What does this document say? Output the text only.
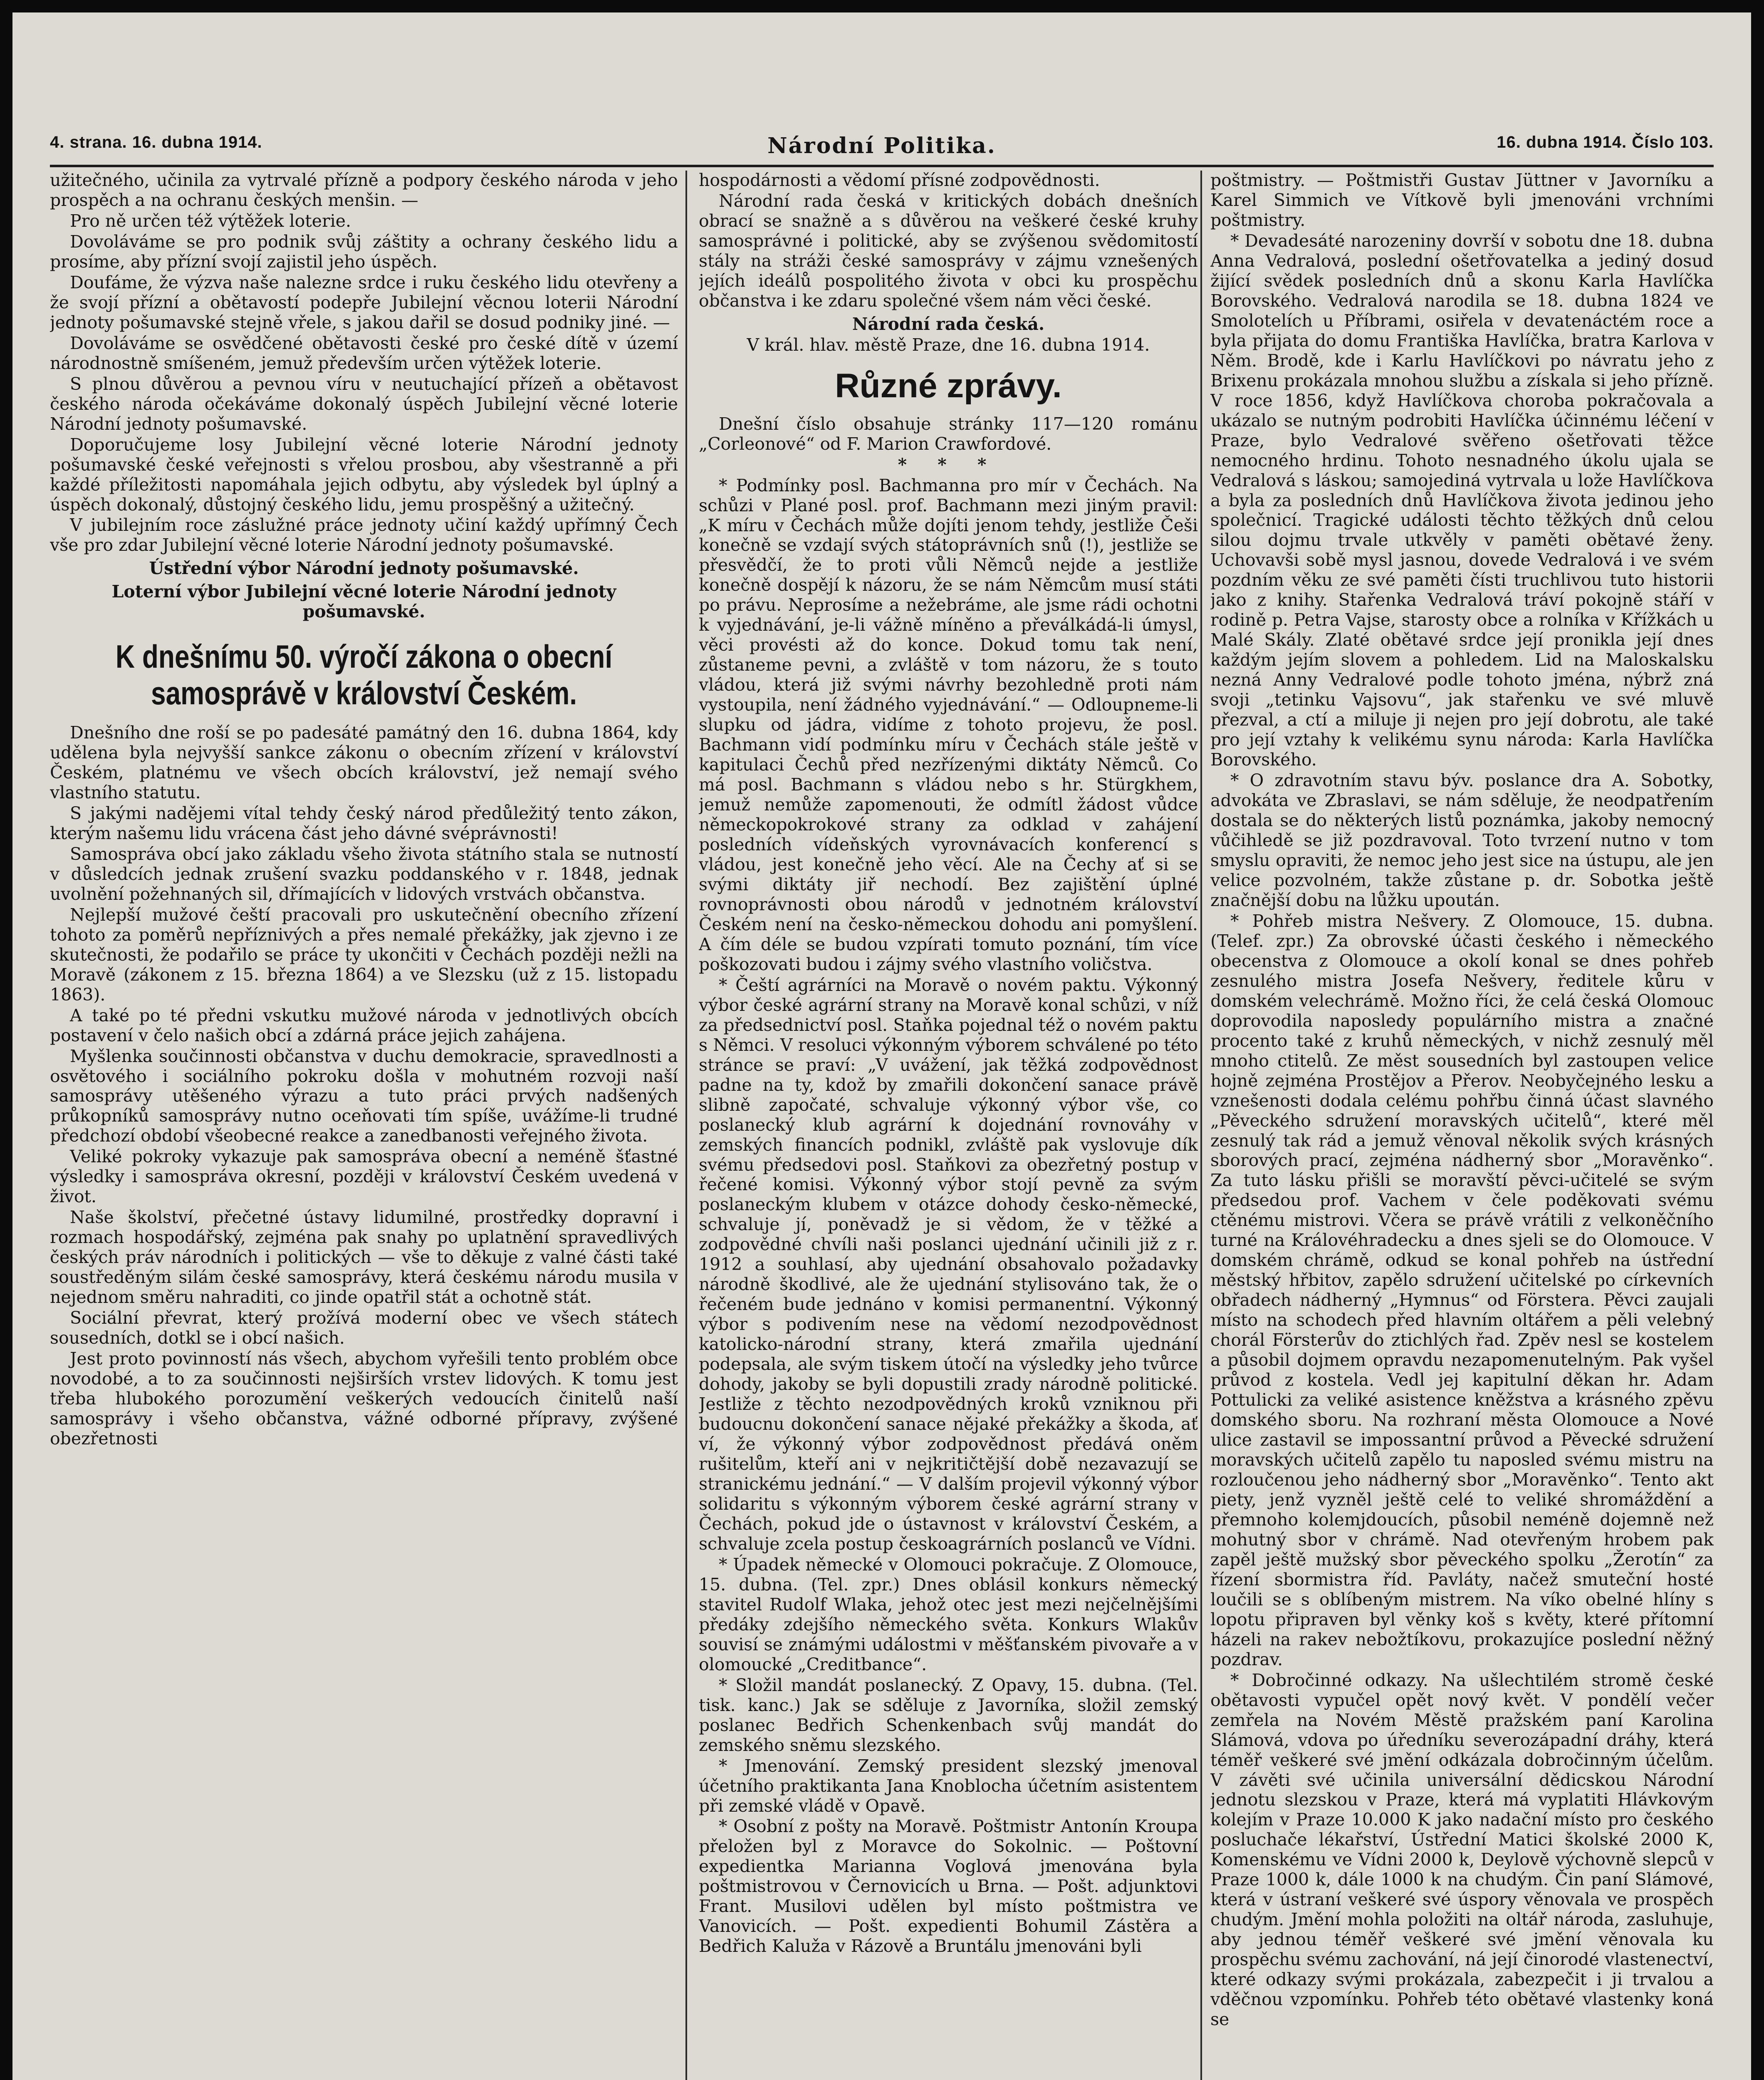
4. strana. 16. dubna 1914.	Národní Politika.	16. dubna 1914. Číslo 103.

užitečného, učinila za vytrvalé přízně a podpory českého národa v jeho prospěch a na ochranu českých menšin. —

Pro ně určen též výtěžek loterie.

Dovoláváme se pro podnik svůj záštity a ochrany českého lidu a prosíme, aby přízní svojí zajistil jeho úspěch.

Doufáme, že výzva naše nalezne srdce i ruku českého lidu otevřeny a že svojí přízní a obětavostí podepře Jubilejní věcnou loterii Národní jednoty pošumavské stejně vřele, s jakou dařil se dosud podniky jiné. —

Dovoláváme se osvědčené obětavosti české pro české dítě v území národnostně smíšeném, jemuž především určen výtěžek loterie.

S plnou důvěrou a pevnou víru v neutuchající přízeň a obětavost českého národa očekáváme dokonalý úspěch Jubilejní věcné loterie Národní jednoty pošumavské.

Doporučujeme losy Jubilejní věcné loterie Národní jednoty pošumavské české veřejnosti s vřelou prosbou, aby všestranně a při každé příležitosti napomáhala jejich odbytu, aby výsledek byl úplný a úspěch dokonalý, důstojný českého lidu, jemu prospěšný a užitečný.

V jubilejním roce záslužné práce jednoty učiní každý upřímný Čech vše pro zdar Jubilejní věcné loterie Národní jednoty pošumavské.

Ústřední výbor Národní jednoty pošumavské.

Loterní výbor Jubilejní věcné loterie Národní jednoty pošumavské.

K dnešnímu 50. výročí zákona o obecní samosprávě v království Českém.

Dnešního dne roší se po padesáté památný den 16. dubna 1864, kdy udělena byla nejvyšší sankce zákonu o obecním zřízení v království Českém, platnému ve všech obcích království, jež nemají svého vlastního statutu.

S jakými nadějemi vítal tehdy český národ předůležitý tento zákon, kterým našemu lidu vrácena část jeho dávné svéprávnosti!

Samospráva obcí jako základu všeho života státního stala se nutností v důsledcích jednak zrušení svazku poddanského v r. 1848, jednak uvolnění požehnaných sil, dřímajících v lidových vrstvách občanstva.

Nejlepší mužové čeští pracovali pro uskutečnění obecního zřízení tohoto za poměrů nepříznivých a přes nemalé překážky, jak zjevno i ze skutečnosti, že podařilo se práce ty ukončiti v Čechách později nežli na Moravě (zákonem z 15. března 1864) a ve Slezsku (už z 15. listopadu 1863).

A také po té předni vskutku mužové národa v jednotlivých obcích postavení v čelo našich obcí a zdárná práce jejich zahájena.

Myšlenka součinnosti občanstva v duchu demokracie, spravedlnosti a osvětového i sociálního pokroku došla v mohutném rozvoji naší samosprávy utěšeného výrazu a tuto práci prvých nadšených průkopníků samosprávy nutno oceňovati tím spíše, uvážíme-li trudné předchozí období všeobecné reakce a zanedbanosti veřejného života.

Veliké pokroky vykazuje pak samospráva obecní a neméně šťastné výsledky i samospráva okresní, později v království Českém uvedená v život.

Naše školství, přečetné ústavy lidumilné, prostředky dopravní i rozmach hospodářský, zejména pak snahy po uplatnění spravedlivých českých práv národních i politických — vše to děkuje z valné části také soustředěným silám české samosprávy, která českému národu musila v nejednom směru nahraditi, co jinde opatřil stát a ochotně stát.

Sociální převrat, který prožívá moderní obec ve všech státech sousedních, dotkl se i obcí našich.

Jest proto povinností nás všech, abychom vyřešili tento problém obce novodobé, a to za součinnosti nejširších vrstev lidových. K tomu jest třeba hlubokého porozumění veškerých vedoucích činitelů naší samosprávy i všeho občanstva, vážné odborné přípravy, zvýšené obezřetnosti

hospodárnosti a vědomí přísné zodpovědnosti.

Národní rada česká v kritických dobách dnešních obrací se snažně a s důvěrou na veškeré české kruhy samosprávné i politické, aby se zvýšenou svědomitostí stály na stráži české samosprávy v zájmu vznešených jejích ideálů pospolitého života v obci ku prospěchu občanstva i ke zdaru společné všem nám věci české.

Národní rada česká.

V král. hlav. městě Praze, dne 16. dubna 1914.

Různé zprávy.

Dnešní číslo obsahuje stránky 117—120 románu „Corleonové“ od F. Marion Crawfordové.

* * *

* Podmínky posl. Bachmanna pro mír v Čechách. Na schůzi v Plané posl. prof. Bachmann mezi jiným pravil: „K míru v Čechách může dojíti jenom tehdy, jestliže Češi konečně se vzdají svých státoprávních snů (!), jestliže se přesvědčí, že to proti vůli Němců nejde a jestliže konečně dospějí k názoru, že se nám Němcům musí státi po právu. Neprosíme a nežebráme, ale jsme rádi ochotni k vyjednávání, je-li vážně míněno a převálkádá-li úmysl, věci provésti až do konce. Dokud tomu tak není, zůstaneme pevni, a zvláště v tom názoru, že s touto vládou, která již svými návrhy bezohledně proti nám vystoupila, není žádného vyjednávání.“ — Odloupneme-li slupku od jádra, vidíme z tohoto projevu, že posl. Bachmann vidí podmínku míru v Čechách stále ještě v kapitulaci Čechů před nezřízenými diktáty Němců. Co má posl. Bachmann s vládou nebo s hr. Stürgkhem, jemuž nemůže zapomenouti, že odmítl žádost vůdce německopokrokové strany za odklad v zahájení posledních vídeňských vyrovnávacích konferencí s vládou, jest konečně jeho věcí. Ale na Čechy ať si se svými diktáty jiř nechodí. Bez zajištění úplné rovnoprávnosti obou národů v jednotném království Českém není na česko-německou dohodu ani pomyšlení. A čím déle se budou vzpírati tomuto poznání, tím více poškozovati budou i zájmy svého vlastního voličstva.

* Čeští agrárníci na Moravě o novém paktu. Výkonný výbor české agrární strany na Moravě konal schůzi, v níž za předsednictví posl. Staňka pojednal též o novém paktu s Němci. V resoluci výkonným výborem schválené po této stránce se praví: „V uvážení, jak těžká zodpovědnost padne na ty, kdož by zmařili dokončení sanace právě slibně započaté, schvaluje výkonný výbor vše, co poslanecký klub agrární k dojednání rovnováhy v zemských financích podnikl, zvláště pak vyslovuje dík svému předsedovi posl. Staňkovi za obezřetný postup v řečené komisi. Výkonný výbor stojí pevně za svým poslaneckým klubem v otázce dohody česko-německé, schvaluje jí, poněvadž je si vědom, že v těžké a zodpovědné chvíli naši poslanci ujednání učinili již z r. 1912 a souhlasí, aby ujednání obsahovalo požadavky národně škodlivé, ale že ujednání stylisováno tak, že o řečeném bude jednáno v komisi permanentní. Výkonný výbor s podivením nese na vědomí nezodpovědnost katolicko-národní strany, která zmařila ujednání podepsala, ale svým tiskem útočí na výsledky jeho tvůrce dohody, jakoby se byli dopustili zrady národně politické. Jestliže z těchto nezodpovědných kroků vzniknou při budoucnu dokončení sanace nějaké překážky a škoda, ať ví, že výkonný výbor zodpovědnost předává oněm rušitelům, kteří ani v nejkritičtější době nezavazují se stranickému jednání.“ — V dalším projevil výkonný výbor solidaritu s výkonným výborem české agrární strany v Čechách, pokud jde o ústavnost v království Českém, a schvaluje zcela postup českoagrárních poslanců ve Vídni.

* Úpadek německé v Olomouci pokračuje. Z Olomouce, 15. dubna. (Tel. zpr.) Dnes oblásil konkurs německý stavitel Rudolf Wlaka, jehož otec jest mezi nejčelnějšími předáky zdejšího německého světa. Konkurs Wlakův souvisí se známými událostmi v měšťanském pivovaře a v olomoucké „Creditbance“.

* Složil mandát poslanecký. Z Opavy, 15. dubna. (Tel. tisk. kanc.) Jak se sděluje z Javorníka, složil zemský poslanec Bedřich Schenkenbach svůj mandát do zemského sněmu slezského.

* Jmenování. Zemský president slezský jmenoval účetního praktikanta Jana Knoblocha účetním asistentem při zemské vládě v Opavě.

* Osobní z pošty na Moravě. Poštmistr Antonín Kroupa přeložen byl z Moravce do Sokolnic. — Poštovní expedientka Marianna Voglová jmenována byla poštmistrovou v Černovicích u Brna. — Pošt. adjunktovi Frant. Musilovi udělen byl místo poštmistra ve Vanovicích. — Pošt. expedienti Bohumil Zástěra a Bedřich Kaluža v Rázově a Bruntálu jmenováni byli

poštmistry. — Poštmistři Gustav Jüttner v Javorníku a Karel Simmich ve Vítkově byli jmenováni vrchními poštmistry.

* Devadesáté narozeniny dovrší v sobotu dne 18. dubna Anna Vedralová, poslední ošetřovatelka a jediný dosud žijící svědek posledních dnů a skonu Karla Havlíčka Borovského. Vedralová narodila se 18. dubna 1824 ve Smolotelích u Příbrami, osiřela v devatenáctém roce a byla přijata do domu Františka Havlíčka, bratra Karlova v Něm. Brodě, kde i Karlu Havlíčkovi po návratu jeho z Brixenu prokázala mnohou službu a získala si jeho přízně. V roce 1856, když Havlíčkova choroba pokračovala a ukázalo se nutným podrobiti Havlíčka účinnému léčení v Praze, bylo Vedralové svěřeno ošetřovati těžce nemocného hrdinu. Tohoto nesnadného úkolu ujala se Vedralová s láskou; samojediná vytrvala u lože Havlíčkova a byla za posledních dnů Havlíčkova života jedinou jeho společnicí. Tragické události těchto těžkých dnů celou silou dojmu trvale utkvěly v paměti obětavé ženy. Uchovavši sobě mysl jasnou, dovede Vedralová i ve svém pozdním věku ze své paměti čísti truchlivou tuto historii jako z knihy. Stařenka Vedralová tráví pokojně stáří v rodině p. Petra Vajse, starosty obce a rolníka v Křížkách u Malé Skály. Zlaté obětavé srdce její pronikla její dnes každým jejím slovem a pohledem. Lid na Maloskalsku nezná Anny Vedralové podle tohoto jména, nýbrž zná svoji „tetinku Vajsovu“, jak stařenku ve své mluvě přezval, a ctí a miluje ji nejen pro její dobrotu, ale také pro její vztahy k velikému synu národa: Karla Havlíčka Borovského.

* O zdravotním stavu býv. poslance dra A. Sobotky, advokáta ve Zbraslavi, se nám sděluje, že neodpatřením dostala se do některých listů poznámka, jakoby nemocný vůčihledě se již pozdravoval. Toto tvrzení nutno v tom smyslu opraviti, že nemoc jeho jest sice na ústupu, ale jen velice pozvolném, takže zůstane p. dr. Sobotka ještě značnější dobu na lůžku upoután.

* Pohřeb mistra Nešvery. Z Olomouce, 15. dubna. (Telef. zpr.) Za obrovské účasti českého i německého obecenstva z Olomouce a okolí konal se dnes pohřeb zesnulého mistra Josefa Nešvery, ředitele kůru v domském velechrámě. Možno říci, že celá česká Olomouc doprovodila naposledy populárního mistra a značné procento také z kruhů německých, v nichž zesnulý měl mnoho ctitelů. Ze měst sousedních byl zastoupen velice hojně zejména Prostějov a Přerov. Neobyčejného lesku a vznešenosti dodala celému pohřbu činná účast slavného „Pěveckého sdružení moravských učitelů“, které měl zesnulý tak rád a jemuž věnoval několik svých krásných sborových prací, zejména nádherný sbor „Moravěnko“. Za tuto lásku přišli se moravští pěvci-učitelé se svým předsedou prof. Vachem v čele poděkovati svému ctěnému mistrovi. Včera se právě vrátili z velkoněčního turné na Královéhradecku a dnes sjeli se do Olomouce. V domském chrámě, odkud se konal pohřeb na ústřední městský hřbitov, zapělo sdružení učitelské po církevních obřadech nádherný „Hymnus“ od Förstera. Pěvci zaujali místo na schodech před hlavním oltářem a pěli velebný chorál Försterův do ztichlých řad. Zpěv nesl se kostelem a působil dojmem opravdu nezapomenutelným. Pak vyšel průvod z kostela. Vedl jej kapitulní děkan hr. Adam Pottulicki za veliké asistence kněžstva a krásného zpěvu domského sboru. Na rozhraní města Olomouce a Nové ulice zastavil se impossantní průvod a Pěvecké sdružení moravských učitelů zapělo tu naposled svému mistru na rozloučenou jeho nádherný sbor „Moravěnko“. Tento akt piety, jenž vyzněl ještě celé to veliké shromáždění a přemnoho kolemjdoucích, působil neméně dojemně než mohutný sbor v chrámě. Nad otevřeným hrobem pak zapěl ještě mužský sbor pěveckého spolku „Žerotín“ za řízení sbormistra říd. Pavláty, načež smuteční hosté loučili se s oblíbeným mistrem. Na víko obelné hlíny s lopotu připraven byl věnky koš s květy, které přítomní házeli na rakev nebožtíkovu, prokazujíce poslední něžný pozdrav.

* Dobročinné odkazy. Na ušlechtilém stromě české obětavosti vypučel opět nový květ. V pondělí večer zemřela na Novém Městě pražském paní Karolina Slámová, vdova po úředníku severozápadní dráhy, která téměř veškeré své jmění odkázala dobročinným účelům. V závěti své učinila universální dědicskou Národní jednotu slezskou v Praze, která má vyplatiti Hlávkovým kolejím v Praze 10.000 K jako nadační místo pro českého posluchače lékařství, Ústřední Matici školské 2000 K, Komenskému ve Vídni 2000 k, Deylově výchovně slepců v Praze 1000 k, dále 1000 k na chudým. Čin paní Slámové, která v ústraní veškeré své úspory věnovala ve prospěch chudým. Jmění mohla položiti na oltář národa, zasluhuje, aby jednou téměř veškeré své jmění věnovala ku prospěchu svému zachování, ná její činorodé vlastenectví, které odkazy svými prokázala, zabezpečit i ji trvalou a vděčnou vzpomínku. Pohřeb této obětavé vlastenky koná se
